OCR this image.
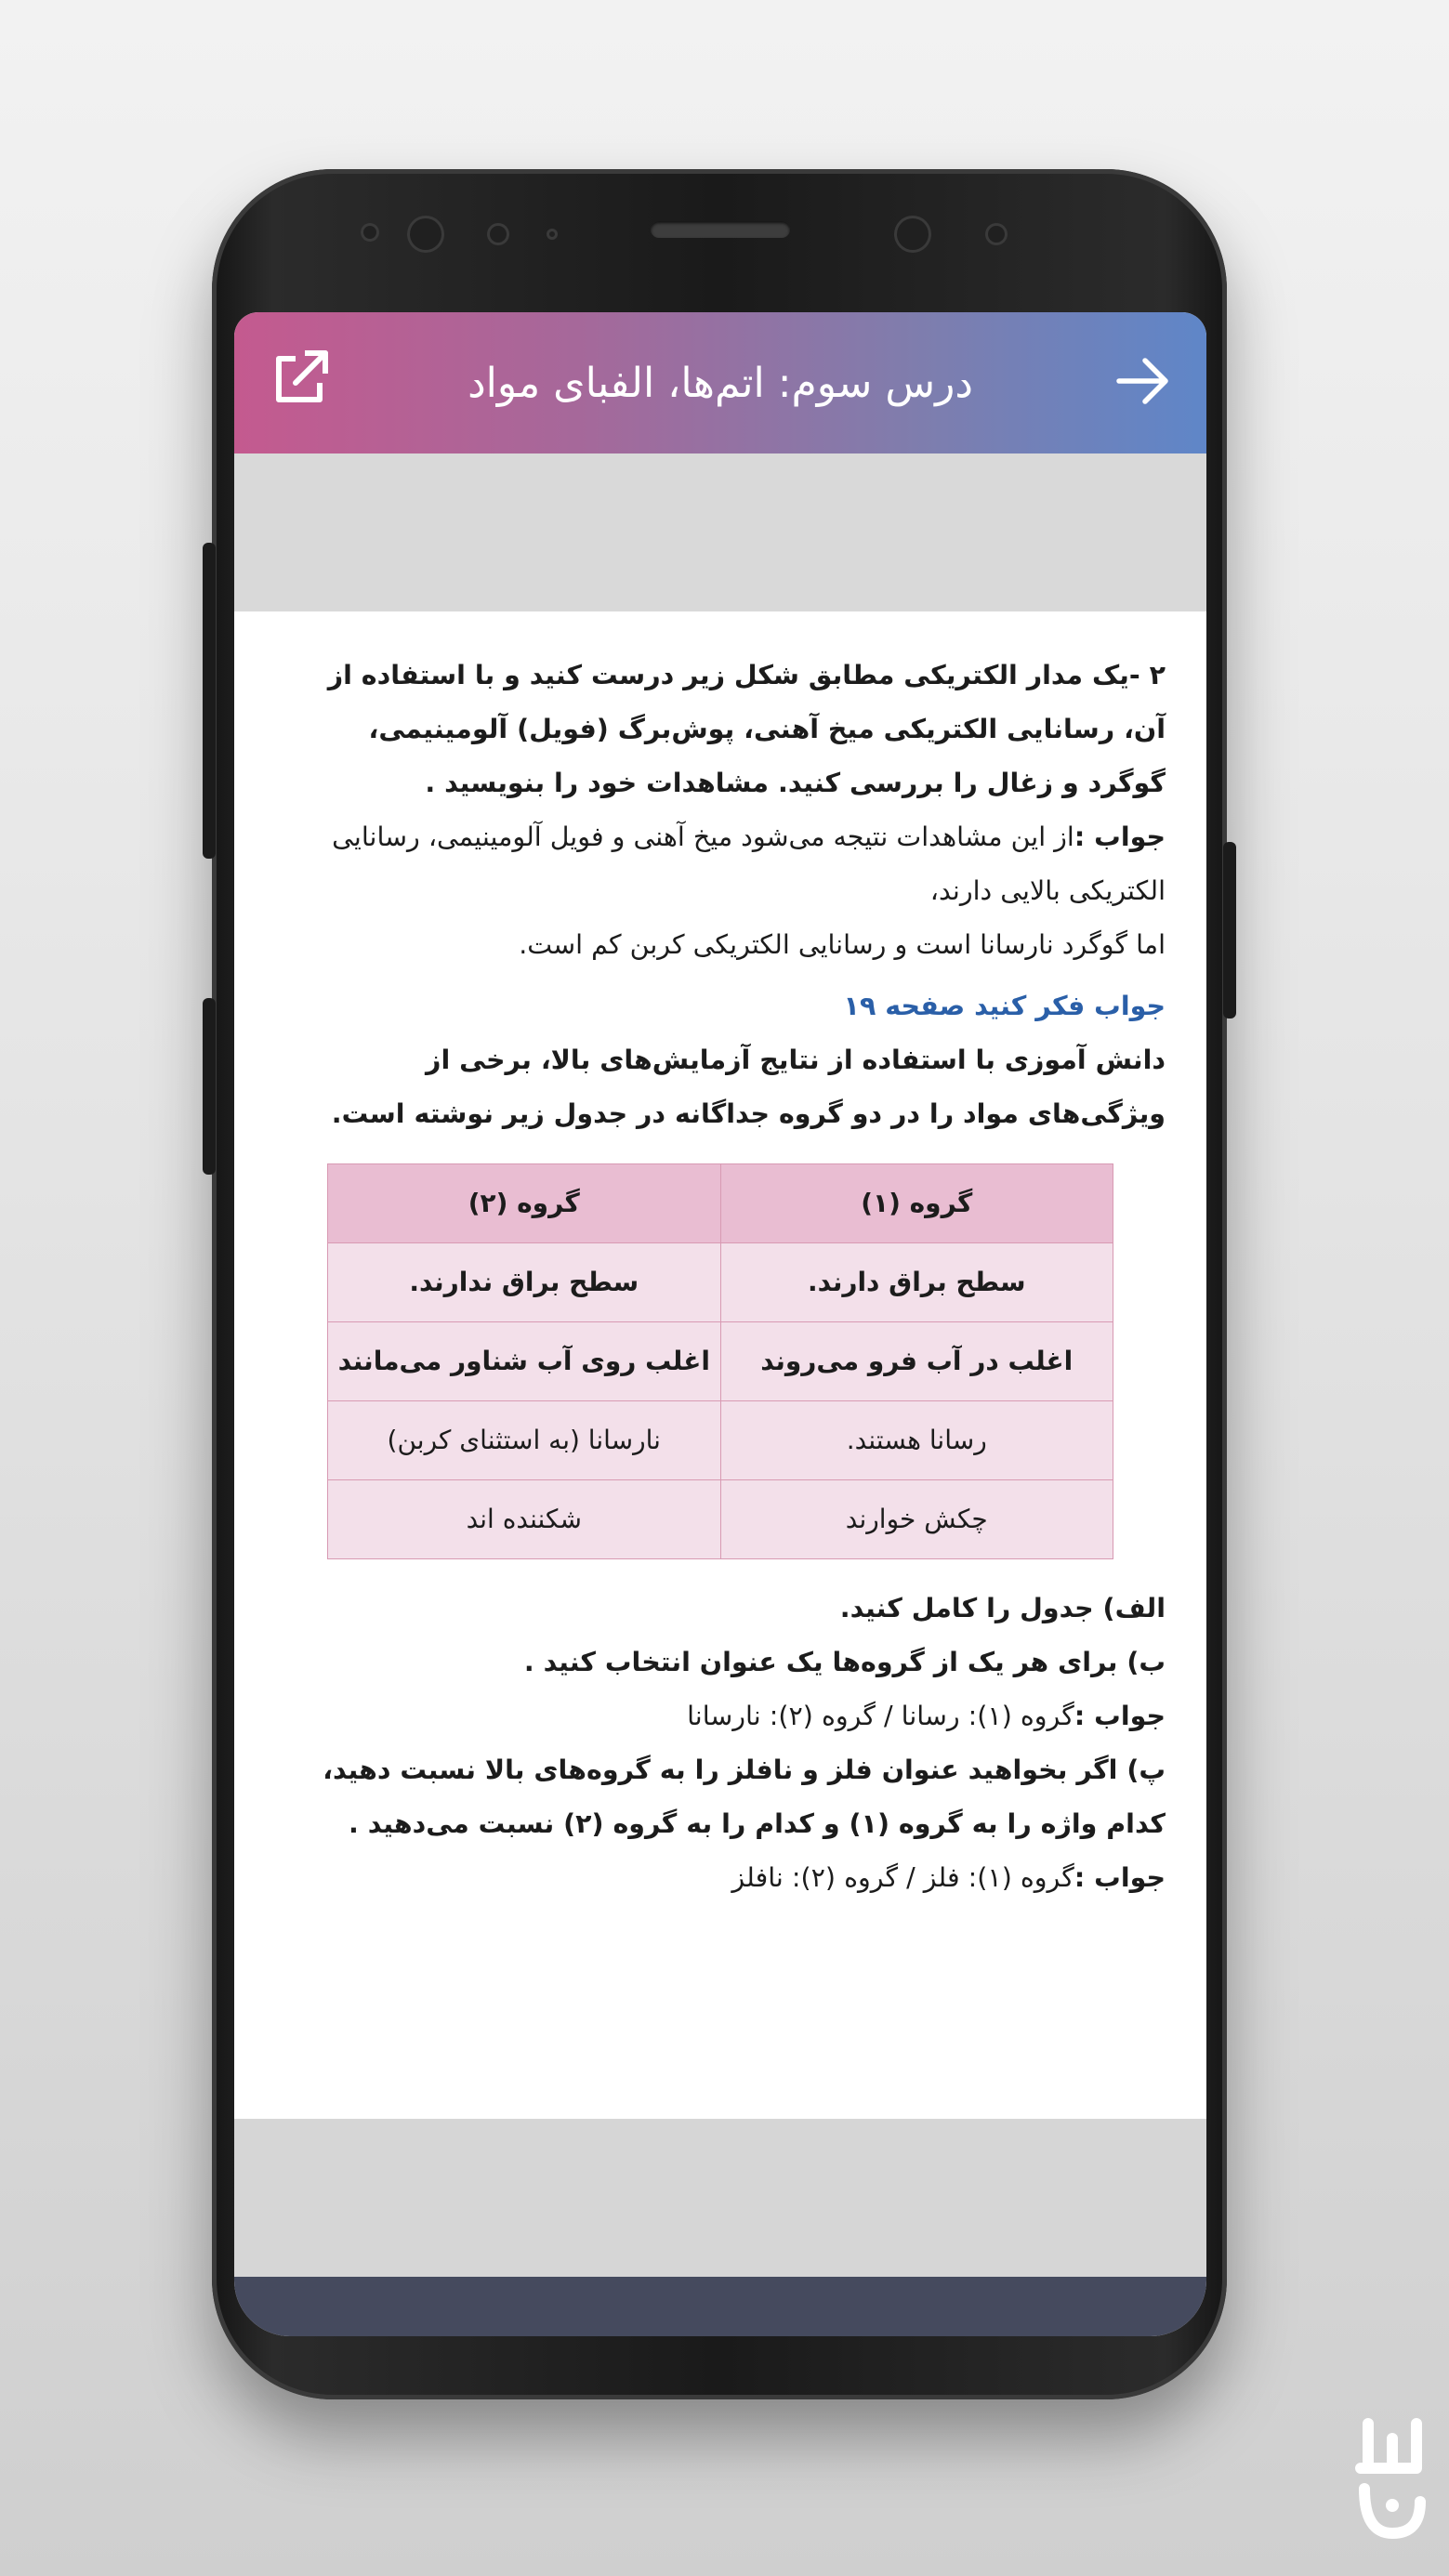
درس سوم: اتم‌ها، الفبای مواد

۲ -یک مدار الکتریکی مطابق شکل زیر درست کنید و با استفاده از آن، رسانایی الکتریکی میخ آهنی، پوش‌برگ (فویل) آلومینیمی، گوگرد و زغال را بررسی کنید. مشاهدات خود را بنویسید .

جواب :از این مشاهدات نتیجه می‌شود میخ آهنی و فویل آلومینیمی، رسانایی الکتریکی بالایی دارند،

اما گوگرد نارسانا است و رسانایی الکتریکی کربن کم است.

جواب فکر کنید صفحه ۱۹

دانش آموزی با استفاده از نتایج آزمایش‌های بالا، برخی از ویژگی‌های مواد را در دو گروه جداگانه در جدول زیر نوشته است.

گروه (۱)	گروه (۲)
سطح براق دارند.	سطح براق ندارند.
اغلب در آب فرو می‌روند	اغلب روی آب شناور می‌مانند
رسانا هستند.	نارسانا (به استثنای کربن)
چکش خوارند	شکننده اند

الف) جدول را کامل کنید.

ب) برای هر یک از گروه‌ها یک عنوان انتخاب کنید .

جواب :گروه (۱): رسانا / گروه (۲): نارسانا

پ) اگر بخواهید عنوان فلز و نافلز را به گروه‌های بالا نسبت دهید، کدام واژه را به گروه (۱) و کدام را به گروه (۲) نسبت می‌دهید .

جواب :گروه (۱): فلز / گروه (۲): نافلز
